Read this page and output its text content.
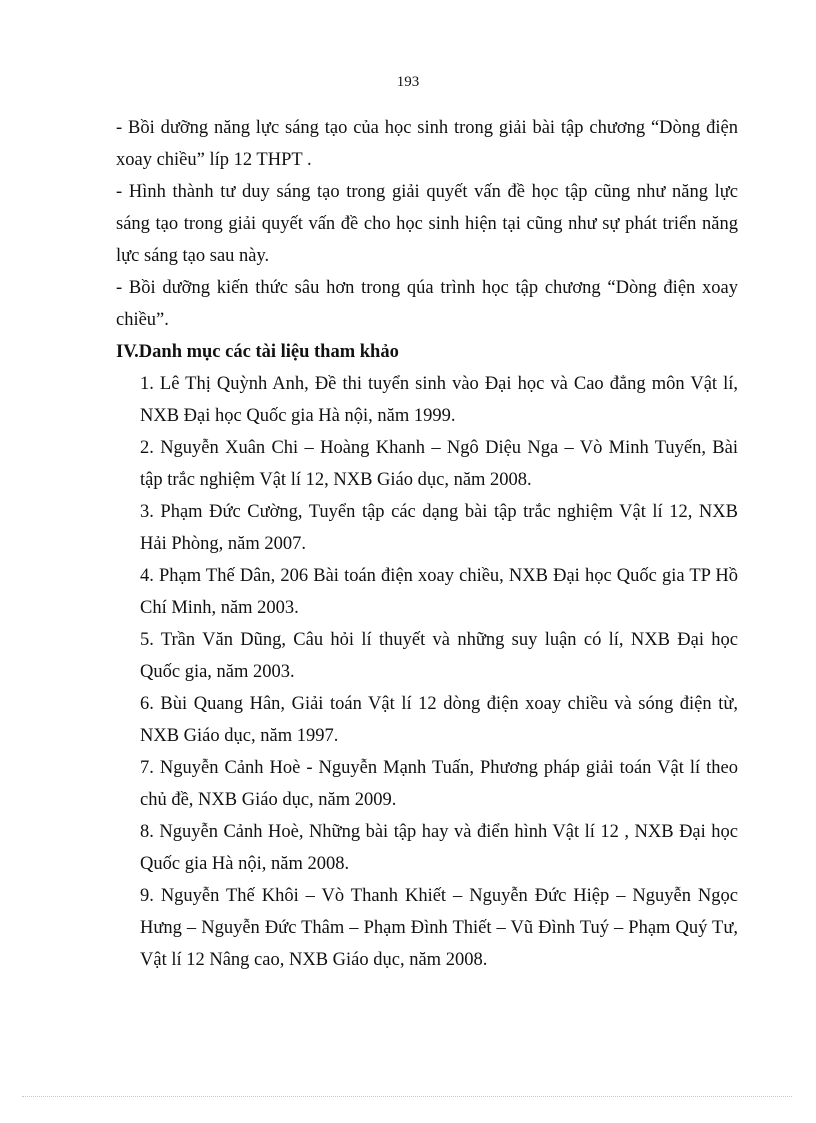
193

- Bồi dưỡng năng lực sáng tạo của học sinh trong giải bài tập chương “Dòng điện xoay chiều” líp 12 THPT .

- Hình thành tư duy sáng tạo trong giải quyết vấn đề học tập cũng như năng lực sáng tạo trong giải quyết vấn đề cho học sinh hiện tại cũng như sự phát triển năng lực sáng tạo sau này.

- Bồi dưỡng kiến thức sâu hơn trong qúa trình học tập chương “Dòng điện xoay chiều”.

IV.Danh mục các tài liệu tham khảo

1. Lê Thị Quỳnh Anh, Đề thi tuyển sinh vào Đại học và Cao đẳng môn Vật lí, NXB Đại học Quốc gia Hà nội, năm 1999.
2. Nguyễn Xuân Chi – Hoàng Khanh – Ngô Diệu Nga – Vò Minh Tuyến, Bài tập trắc nghiệm Vật lí 12, NXB Giáo dục, năm 2008.
3. Phạm Đức Cường, Tuyển tập các dạng bài tập trắc nghiệm Vật lí 12, NXB Hải Phòng, năm 2007.
4. Phạm Thế Dân, 206 Bài toán điện xoay chiều, NXB Đại học Quốc gia TP Hồ Chí Minh, năm 2003.
5. Trần Văn Dũng, Câu hỏi lí thuyết và những suy luận có lí, NXB Đại học Quốc gia, năm 2003.
6. Bùi Quang Hân, Giải toán Vật lí 12 dòng điện xoay chiều và sóng điện từ, NXB Giáo dục, năm 1997.
7. Nguyễn Cảnh Hoè - Nguyễn Mạnh Tuấn, Phương pháp giải toán Vật lí theo chủ đề, NXB Giáo dục, năm 2009.
8. Nguyễn Cảnh Hoè, Những bài tập hay và điển hình Vật lí 12 , NXB Đại học Quốc gia Hà nội, năm 2008.
9. Nguyễn Thế Khôi – Vò Thanh Khiết – Nguyễn Đức Hiệp – Nguyễn Ngọc Hưng – Nguyễn Đức Thâm – Phạm Đình Thiết – Vũ Đình Tuý – Phạm Quý Tư, Vật lí 12 Nâng cao, NXB Giáo dục, năm 2008.
